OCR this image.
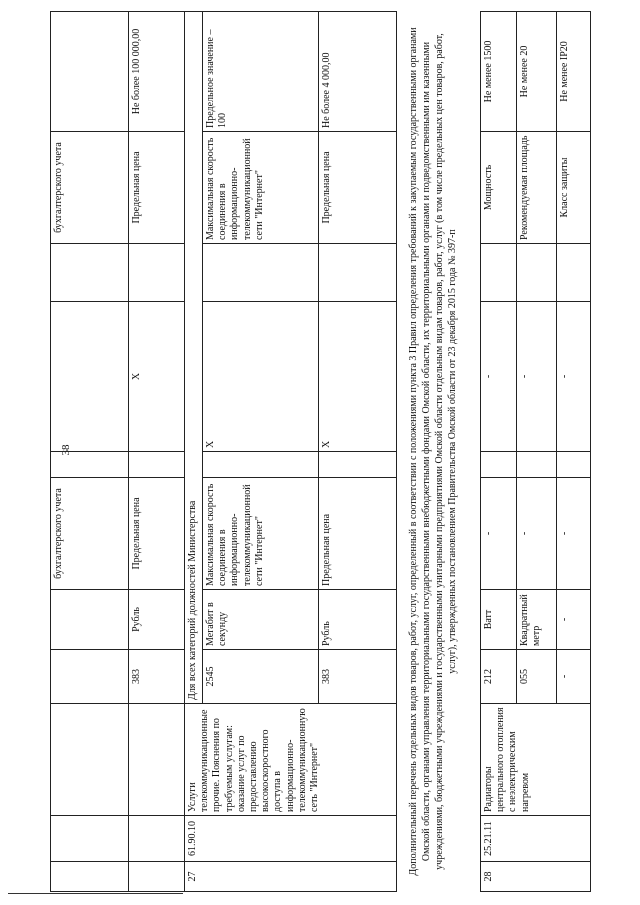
38
					бухгалтерского учета				бухгалтерского учета	
			383	Рубль	Предельная цена		X		Предельная цена	Не более 100 000,00
27	61.90.10	Услуги телекоммуникационные прочие. Пояснения по требуемым услугам: оказание услуг по предоставлению высокоскоростного доступа в информационно-телекоммуникационную сеть "Интернет"	Для всех категорий должностей Министерства							
			2545	Мегабит в секунду	Максимальная скорость соединения в информационно-телекоммуникационной сети "Интернет"		X		Максимальная скорость соединения в информационно-телекоммуникационной сети "Интернет"	Предельное значение – 100
			383	Рубль	Предельная цена		X		Предельная цена	Не более 4 000,00
Дополнительный перечень отдельных видов товаров, работ, услуг, определенный в соответствии с положениями пункта 3 Правил определения требований к закупаемым государственными органами Омской области, органами управления территориальными государственными внебюджетными фондами Омской области, их территориальными органами и подведомственными им казенными учреждениями, бюджетными учреждениями и государственными унитарными предприятиями Омской области отдельным видам товаров, работ, услуг (в том числе предельных цен товаров, работ, услуг), утвержденных постановлением Правительства Омской области от 23 декабря 2015 года № 397-п										
28	25.21.11	Радиаторы центрального отопления с неэлектрическим нагревом	212	Ватт	-		-		Мощность	Не менее 1500
			055	Квадратный метр	-		-		Рекомендуемая площадь	Не менее 20
			-	-	-		-		Класс защиты	Не менее IP20
